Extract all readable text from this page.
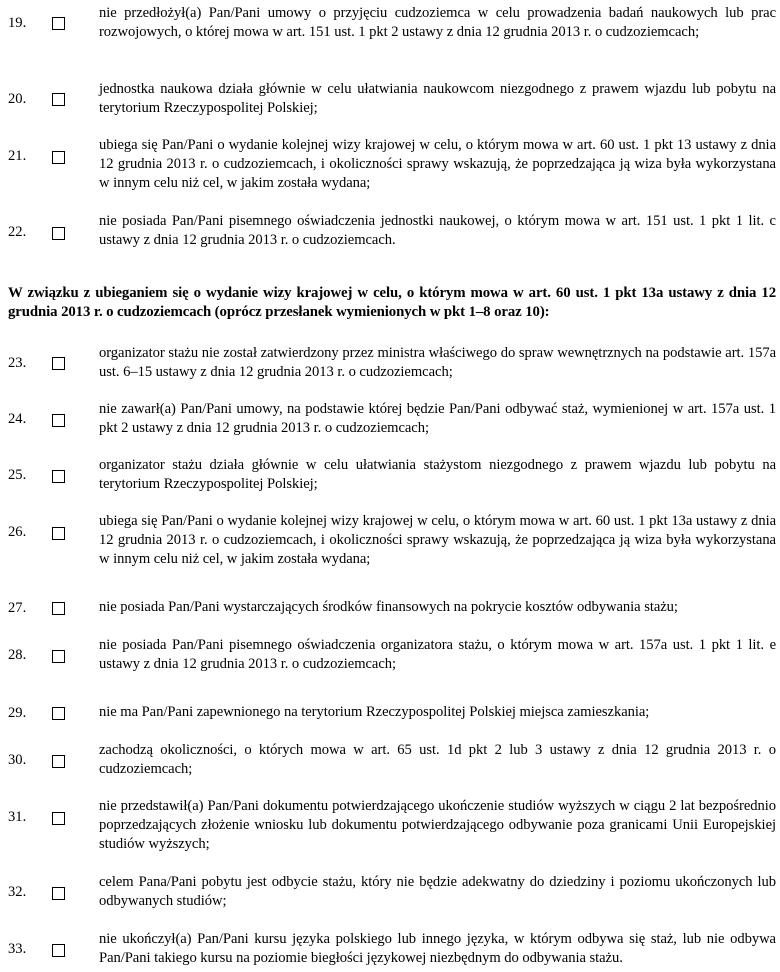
19.
nie przedłożył(a) Pan/Pani umowy o przyjęciu cudzoziemca w celu prowadzenia badań naukowych lub prac rozwojowych, o której mowa w art. 151 ust. 1 pkt 2 ustawy z dnia 12 grudnia 2013 r. o cudzoziemcach;
20.
jednostka naukowa działa głównie w celu ułatwiania naukowcom niezgodnego z prawem wjazdu lub pobytu na terytorium Rzeczypospolitej Polskiej;
21.
ubiega się Pan/Pani o wydanie kolejnej wizy krajowej w celu, o którym mowa w art. 60 ust. 1 pkt 13 ustawy z dnia 12 grudnia 2013 r. o cudzoziemcach, i okoliczności sprawy wskazują, że poprzedzająca ją wiza była wykorzystana w innym celu niż cel, w jakim została wydana;
22.
nie posiada Pan/Pani pisemnego oświadczenia jednostki naukowej, o którym mowa w art. 151 ust. 1 pkt 1 lit. c ustawy z dnia 12 grudnia 2013 r. o cudzoziemcach.
W związku z ubieganiem się o wydanie wizy krajowej w celu, o którym mowa w art. 60 ust. 1 pkt 13a ustawy z dnia 12 grudnia 2013 r. o cudzoziemcach (oprócz przesłanek wymienionych w pkt 1–8 oraz 10):
23.
organizator stażu nie został zatwierdzony przez ministra właściwego do spraw wewnętrznych na podstawie art. 157a ust. 6–15 ustawy z dnia 12 grudnia 2013 r. o cudzoziemcach;
24.
nie zawarł(a) Pan/Pani umowy, na podstawie której będzie Pan/Pani odbywać staż, wymienionej w art. 157a ust. 1 pkt 2 ustawy z dnia 12 grudnia 2013 r. o cudzoziemcach;
25.
organizator stażu działa głównie w celu ułatwiania stażystom niezgodnego z prawem wjazdu lub pobytu na terytorium Rzeczypospolitej Polskiej;
26.
ubiega się Pan/Pani o wydanie kolejnej wizy krajowej w celu, o którym mowa w art. 60 ust. 1 pkt 13a ustawy z dnia 12 grudnia 2013 r. o cudzoziemcach, i okoliczności sprawy wskazują, że poprzedzająca ją wiza była wykorzystana w innym celu niż cel, w jakim została wydana;
27.	nie posiada Pan/Pani wystarczających środków finansowych na pokrycie kosztów odbywania stażu;
28.
nie posiada Pan/Pani pisemnego oświadczenia organizatora stażu, o którym mowa w art. 157a ust. 1 pkt 1 lit. e ustawy z dnia 12 grudnia 2013 r. o cudzoziemcach;
29.	nie ma Pan/Pani zapewnionego na terytorium Rzeczypospolitej Polskiej miejsca zamieszkania;
30.
zachodzą okoliczności, o których mowa w art. 65 ust. 1d pkt 2 lub 3 ustawy z dnia 12 grudnia 2013 r. o cudzoziemcach;
31.
nie przedstawił(a) Pan/Pani dokumentu potwierdzającego ukończenie studiów wyższych w ciągu 2 lat bezpośrednio poprzedzających złożenie wniosku lub dokumentu potwierdzającego odbywanie poza granicami Unii Europejskiej studiów wyższych;
32.
celem Pana/Pani pobytu jest odbycie stażu, który nie będzie adekwatny do dziedziny i poziomu ukończonych lub odbywanych studiów;
33.
nie ukończył(a) Pan/Pani kursu języka polskiego lub innego języka, w którym odbywa się staż, lub nie odbywa Pan/Pani takiego kursu na poziomie biegłości językowej niezbędnym do odbywania stażu.
